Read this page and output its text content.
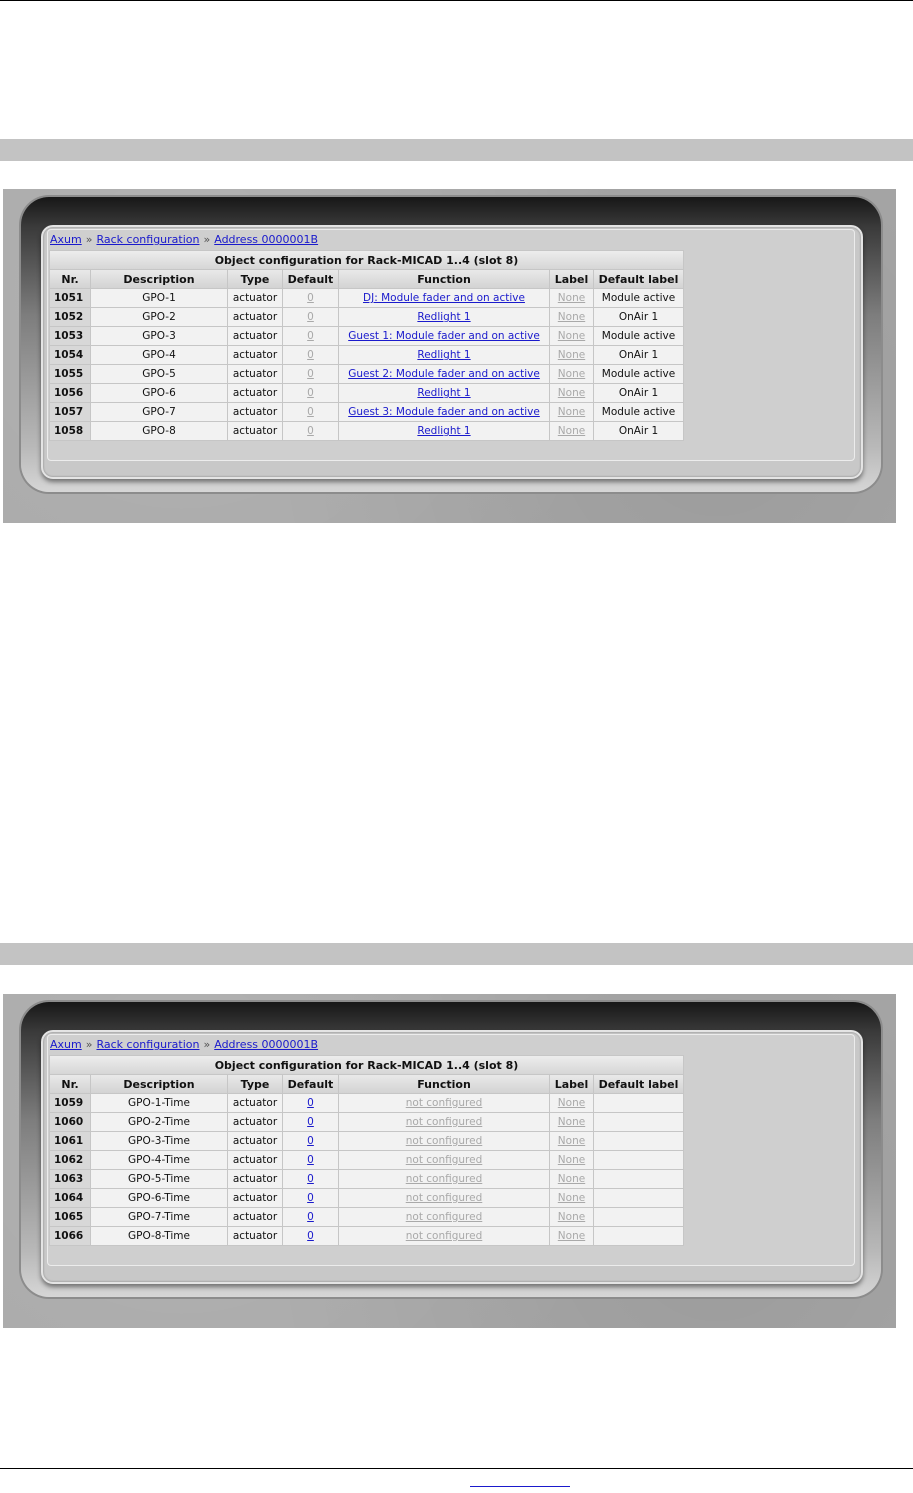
Axum » Rack configuration » Address 0000001B
Object configuration for Rack-MICAD 1..4 (slot 8)						
Nr.	Description	Type	Default	Function	Label	Default label
1051	GPO-1	actuator	0	DJ: Module fader and on active	None	Module active
1052	GPO-2	actuator	0	Redlight 1	None	OnAir 1
1053	GPO-3	actuator	0	Guest 1: Module fader and on active	None	Module active
1054	GPO-4	actuator	0	Redlight 1	None	OnAir 1
1055	GPO-5	actuator	0	Guest 2: Module fader and on active	None	Module active
1056	GPO-6	actuator	0	Redlight 1	None	OnAir 1
1057	GPO-7	actuator	0	Guest 3: Module fader and on active	None	Module active
1058	GPO-8	actuator	0	Redlight 1	None	OnAir 1
Axum » Rack configuration » Address 0000001B
Object configuration for Rack-MICAD 1..4 (slot 8)						
Nr.	Description	Type	Default	Function	Label	Default label
1059	GPO-1-Time	actuator	0	not configured	None	
1060	GPO-2-Time	actuator	0	not configured	None	
1061	GPO-3-Time	actuator	0	not configured	None	
1062	GPO-4-Time	actuator	0	not configured	None	
1063	GPO-5-Time	actuator	0	not configured	None	
1064	GPO-6-Time	actuator	0	not configured	None	
1065	GPO-7-Time	actuator	0	not configured	None	
1066	GPO-8-Time	actuator	0	not configured	None	
